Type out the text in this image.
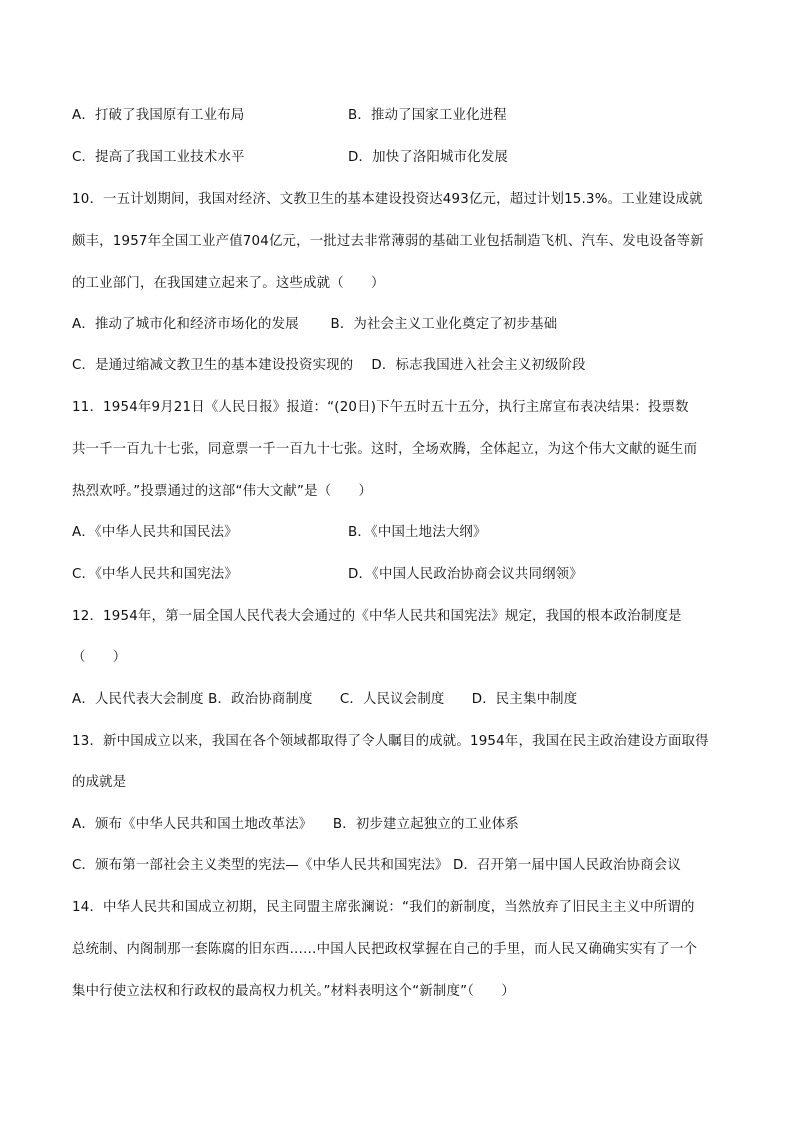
A．打破了我国原有工业布局	B．推动了国家工业化进程
C．提高了我国工业技术水平	D．加快了洛阳城市化发展
10．一五计划期间，我国对经济、文教卫生的基本建设投资达493亿元，超过计划15.3%。工业建设成就
颇丰，1957年全国工业产值704亿元，一批过去非常薄弱的基础工业包括制造飞机、汽车、发电设备等新
的工业部门，在我国建立起来了。这些成就（　　）
A．推动了城市化和经济市场化的发展　　 B．为社会主义工业化奠定了初步基础
C．是通过缩减文教卫生的基本建设投资实现的　 D．标志我国进入社会主义初级阶段
11．1954年9月21日《人民日报》报道：“(20日)下午五时五十五分，执行主席宣布表决结果：投票数
共一千一百九十七张，同意票一千一百九十七张。这时，全场欢腾，全体起立，为这个伟大文献的诞生而
热烈欢呼。”投票通过的这部“伟大文献”是（　　）
A．《中华人民共和国民法》	B．《中国土地法大纲》
C．《中华人民共和国宪法》	D．《中国人民政治协商会议共同纲领》
12．1954年，第一届全国人民代表大会通过的《中华人民共和国宪法》规定，我国的根本政治制度是
（　　）
A．人民代表大会制度 B．政治协商制度　　C．人民议会制度　　D．民主集中制度
13．新中国成立以来，我国在各个领域都取得了令人瞩目的成就。1954年，我国在民主政治建设方面取得
的成就是
A．颁布《中华人民共和国土地改革法》　　B．初步建立起独立的工业体系
C．颁布第一部社会主义类型的宪法—《中华人民共和国宪法》 D．召开第一届中国人民政治协商会议
14．中华人民共和国成立初期，民主同盟主席张澜说：“我们的新制度，当然放弃了旧民主主义中所谓的
总统制、内阁制那一套陈腐的旧东西……中国人民把政权掌握在自己的手里，而人民又确确实实有了一个
集中行使立法权和行政权的最高权力机关。”材料表明这个“新制度”（　　）
